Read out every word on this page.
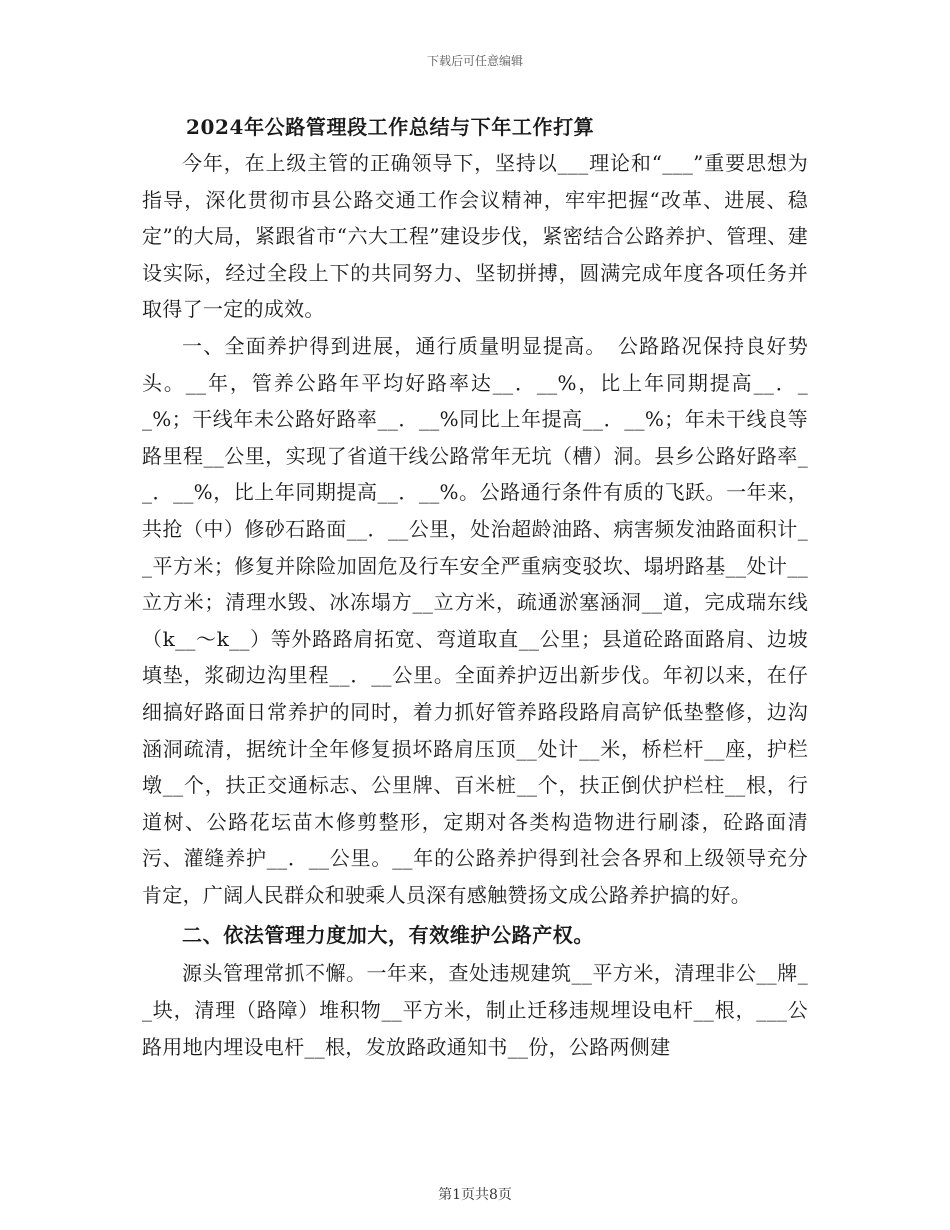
下载后可任意编辑
2024年公路管理段工作总结与下年工作打算

今年，在上级主管的正确领导下，坚持以___理论和“___”重要思想为指导，深化贯彻市县公路交通工作会议精神，牢牢把握“改革、进展、稳定”的大局，紧跟省市“六大工程”建设步伐，紧密结合公路养护、管理、建设实际，经过全段上下的共同努力、坚韧拼搏，圆满完成年度各项任务并取得了一定的成效。

一、全面养护得到进展，通行质量明显提高。　公路路况保持良好势头。__年，管养公路年平均好路率达__．__%，比上年同期提高__．__%；干线年未公路好路率__．__%同比上年提高__．__%；年未干线良等路里程__公里，实现了省道干线公路常年无坑（槽）洞。县乡公路好路率__．__%，比上年同期提高__．__%。公路通行条件有质的飞跃。一年来，共抢（中）修砂石路面__．__公里，处治超龄油路、病害频发油路面积计__平方米；修复并除险加固危及行车安全严重病变驳坎、塌坍路基__处计__立方米；清理水毁、冰冻塌方__立方米，疏通淤塞涵洞__道，完成瑞东线（k__～k__）等外路路肩拓宽、弯道取直__公里；县道砼路面路肩、边坡填垫，浆砌边沟里程__．__公里。全面养护迈出新步伐。年初以来，在仔细搞好路面日常养护的同时，着力抓好管养路段路肩高铲低垫整修，边沟涵洞疏清，据统计全年修复损坏路肩压顶__处计__米，桥栏杆__座，护栏墩__个，扶正交通标志、公里牌、百米桩__个，扶正倒伏护栏柱__根，行道树、公路花坛苗木修剪整形，定期对各类构造物进行刷漆，砼路面清污、灌缝养护__．__公里。__年的公路养护得到社会各界和上级领导充分肯定，广阔人民群众和驶乘人员深有感触赞扬文成公路养护搞的好。

二、依法管理力度加大，有效维护公路产权。

源头管理常抓不懈。一年来，查处违规建筑__平方米，清理非公__牌__块，清理（路障）堆积物__平方米，制止迁移违规埋设电杆__根，___公路用地内埋设电杆__根，发放路政通知书__份，公路两侧建

第1页共8页
